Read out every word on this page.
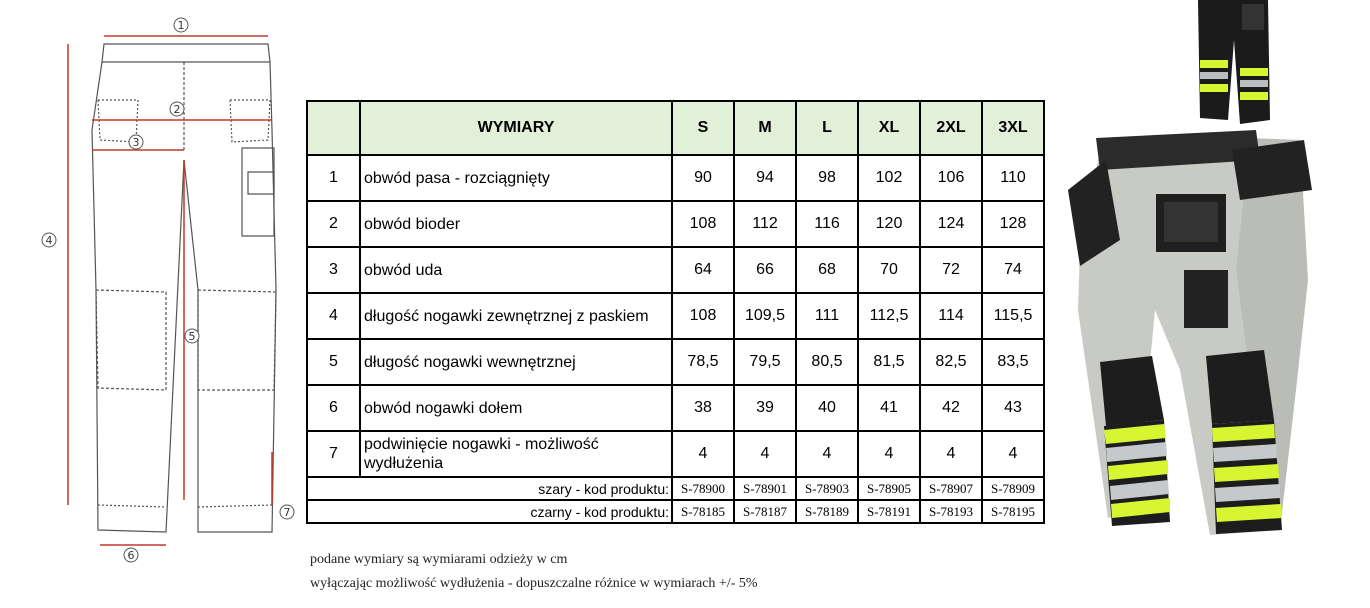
1
2
3
4
5
6
7
	WYMIARY	S	M	L	XL	2XL	3XL
1	obwód pasa - rozciągnięty	90	94	98	102	106	110
2	obwód bioder	108	112	116	120	124	128
3	obwód uda	64	66	68	70	72	74
4	długość nogawki zewnętrznej z paskiem	108	109,5	111	112,5	114	115,5
5	długość nogawki wewnętrznej	78,5	79,5	80,5	81,5	82,5	83,5
6	obwód nogawki dołem	38	39	40	41	42	43
7	podwinięcie nogawki - możliwość wydłużenia	4	4	4	4	4	4
szary - kod produktu:		S-78900	S-78901	S-78903	S-78905	S-78907	S-78909
czarny - kod produktu:		S-78185	S-78187	S-78189	S-78191	S-78193	S-78195
podane wymiary są wymiarami odzieży w cm
wyłączając możliwość wydłużenia - dopuszczalne różnice w wymiarach +/- 5%
